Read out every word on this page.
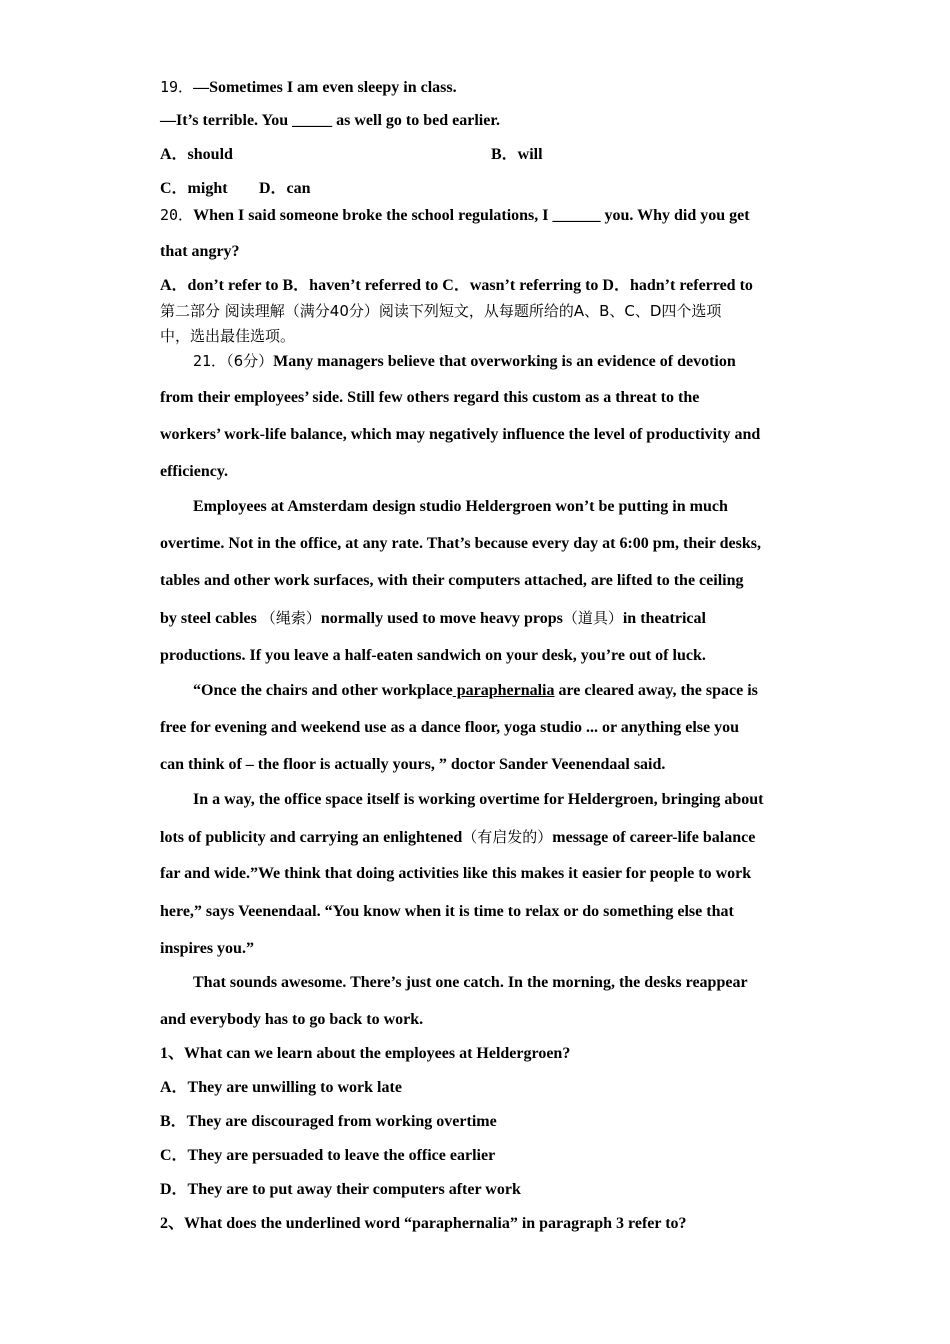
19．—Sometimes I am even sleepy in class.
—It’s terrible. You _____ as well go to bed earlier.
A．should	B．will
C．might D．can
20．When I said someone broke the school regulations, I ______ you. Why did you get
that angry?
A．don’t refer to B．haven’t referred to C．wasn’t referring to D．hadn’t referred to
第二部分 阅读理解（满分40分）阅读下列短文，从每题所给的A、B、C、D四个选项
中，选出最佳选项。
21．（6分）Many managers believe that overworking is an evidence of devotion
from their employees’ side. Still few others regard this custom as a threat to the
workers’ work-life balance, which may negatively influence the level of productivity and
efficiency.
Employees at Amsterdam design studio Heldergroen won’t be putting in much
overtime. Not in the office, at any rate. That’s because every day at 6:00 pm, their desks,
tables and other work surfaces, with their computers attached, are lifted to the ceiling
by steel cables （绳索）normally used to move heavy props（道具）in theatrical
productions. If you leave a half-eaten sandwich on your desk, you’re out of luck.
“Once the chairs and other workplace paraphernalia are cleared away, the space is
free for evening and weekend use as a dance floor, yoga studio ... or anything else you
can think of – the floor is actually yours, ” doctor Sander Veenendaal said.
In a way, the office space itself is working overtime for Heldergroen, bringing about
lots of publicity and carrying an enlightened（有启发的）message of career-life balance
far and wide.”We think that doing activities like this makes it easier for people to work
here,” says Veenendaal. “You know when it is time to relax or do something else that
inspires you.”
That sounds awesome. There’s just one catch. In the morning, the desks reappear
and everybody has to go back to work.
1、What can we learn about the employees at Heldergroen?
A．They are unwilling to work late
B．They are discouraged from working overtime
C．They are persuaded to leave the office earlier
D．They are to put away their computers after work
2、What does the underlined word “paraphernalia” in paragraph 3 refer to?
